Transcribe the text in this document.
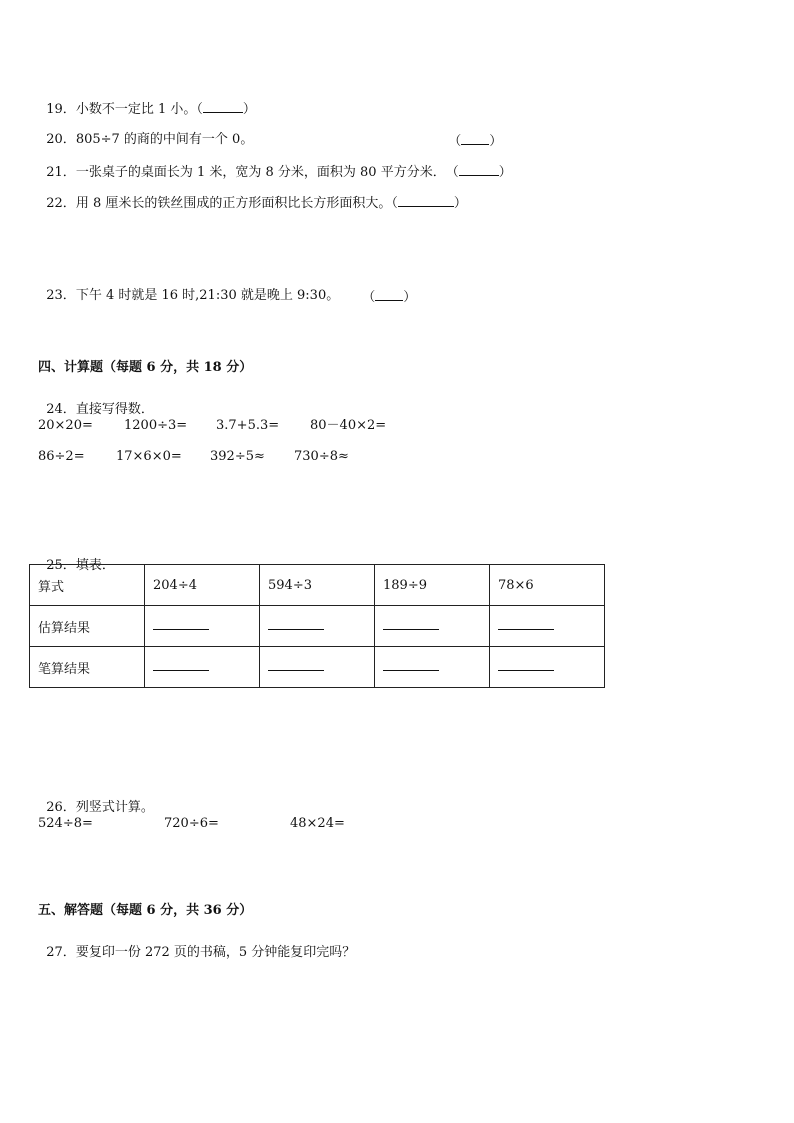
19．小数不一定比 1 小。（	）

20．805÷7 的商的中间有一个 0。	（ ）

21．一张桌子的桌面长为 1 米，宽为 8 分米，面积为 80 平方分米．　（	）

22．用 8 厘米长的铁丝围成的正方形面积比长方形面积大。（	）

23．下午 4 时就是 16 时,21:30 就是晚上 9:30。	（ ）

四、计算题（每题 6 分，共 18 分）

24．直接写得数．

20×20= 1200÷3= 3.7+5.3= 80－40×2=
86÷2= 17×6×0= 392÷5≈ 730÷8≈

25．填表．

算式	204÷4	594÷3	189÷9	78×6
估算结果				
笔算结果				

26．列竖式计算。

524÷8=	720÷6=	48×24=
五、解答题（每题 6 分，共 36 分）

27．要复印一份 272 页的书稿，5 分钟能复印完吗？
